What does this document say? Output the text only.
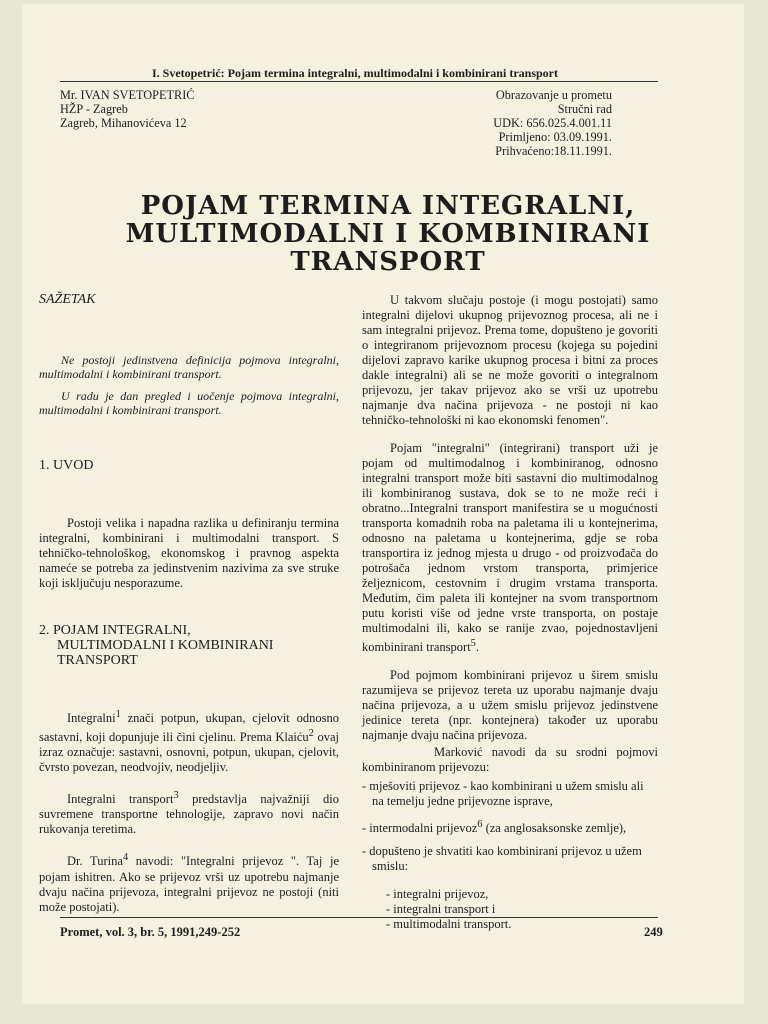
I. Svetopetrić: Pojam termina integralni, multimodalni i kombinirani transport
Mr. IVAN SVETOPETRIĆ
HŽP - Zagreb
Zagreb, Mihanovićeva 12
Obrazovanje u prometu
Stručni rad
UDK: 656.025.4.001.11
Primljeno: 03.09.1991.
Prihvaćeno:18.11.1991.
POJAM TERMINA INTEGRALNI,
MULTIMODALNI I KOMBINIRANI
TRANSPORT
SAŽETAK

Ne postoji jedinstvena definicija pojmova integralni, multimodalni i kombinirani transport.

U radu je dan pregled i uočenje pojmova integralni, multimodalni i kombinirani transport.

1. UVOD

Postoji velika i napadna razlika u definiranju termina integralni, kombinirani i multimodalni transport. S tehničko-tehnološkog, ekonomskog i pravnog aspekta nameće se potreba za jedinstvenim nazivima za sve struke koji isključuju nesporazume.

2. POJAM INTEGRALNI,
MULTIMODALNI I KOMBINIRANI
TRANSPORT

Integralni$^1$ znači potpun, ukupan, cjelovit odnosno sastavni, koji dopunjuje ili čini cjelinu. Prema Klaiću$^2$ ovaj izraz označuje: sastavni, osnovni, potpun, ukupan, cjelovit, čvrsto povezan, neodvojiv, neodjeljiv.

Integralni transport$^3$ predstavlja najvažniji dio suvremene transportne tehnologije, zapravo novi način rukovanja teretima.

Dr. Turina$^4$ navodi: "Integralni prijevoz ". Taj je pojam ishitren. Ako se prijevoz vrši uz upotrebu najmanje dvaju načina prijevoza, integralni prijevoz ne postoji (niti može postojati).

U takvom slučaju postoje (i mogu postojati) samo integralni dijelovi ukupnog prijevoznog procesa, ali ne i sam integralni prijevoz. Prema tome, dopušteno je govoriti o integriranom prijevoznom procesu (kojega su pojedini dijelovi zapravo karike ukupnog procesa i bitni za proces dakle integralni) ali se ne može govoriti o integralnom prijevozu, jer takav prijevoz ako se vrši uz upotrebu najmanje dva načina prijevoza - ne postoji ni kao tehničko-tehnološki ni kao ekonomski fenomen".

Pojam "integralni" (integrirani) transport uži je pojam od multimodalnog i kombiniranog, odnosno integralni transport može biti sastavni dio multimodalnog ili kombiniranog sustava, dok se to ne može reći i obratno...Integralni transport manifestira se u mogućnosti transporta komadnih roba na paletama ili u kontejnerima, odnosno na paletama u kontejnerima, gdje se roba transportira iz jednog mjesta u drugo - od proizvođača do potrošača jednom vrstom transporta, primjerice željeznicom, cestovnim i drugim vrstama transporta. Međutim, čim paleta ili kontejner na svom transportnom putu koristi više od jedne vrste transporta, on postaje multimodalni ili, kako se ranije zvao, pojednostavljeni kombinirani transport$^5$.

Pod pojmom kombinirani prijevoz u širem smislu razumijeva se prijevoz tereta uz uporabu najmanje dvaju načina prijevoza, a u užem smislu prijevoz jedinstvene jedinice tereta (npr. kontejnera) također uz uporabu najmanje dvaju načina prijevoza.

Marković navodi da su srodni pojmovi kombiniranom prijevozu:

- mješoviti prijevoz - kao kombinirani u užem smislu ali na temelju jedne prijevozne isprave,
- intermodalni prijevoz$^6$ (za anglosaksonske zemlje),
- dopušteno je shvatiti kao kombinirani prijevoz u užem smislu:
- integralni prijevoz,
- integralni transport i
- multimodalni transport.
Promet, vol. 3, br. 5, 1991,249-252	249
